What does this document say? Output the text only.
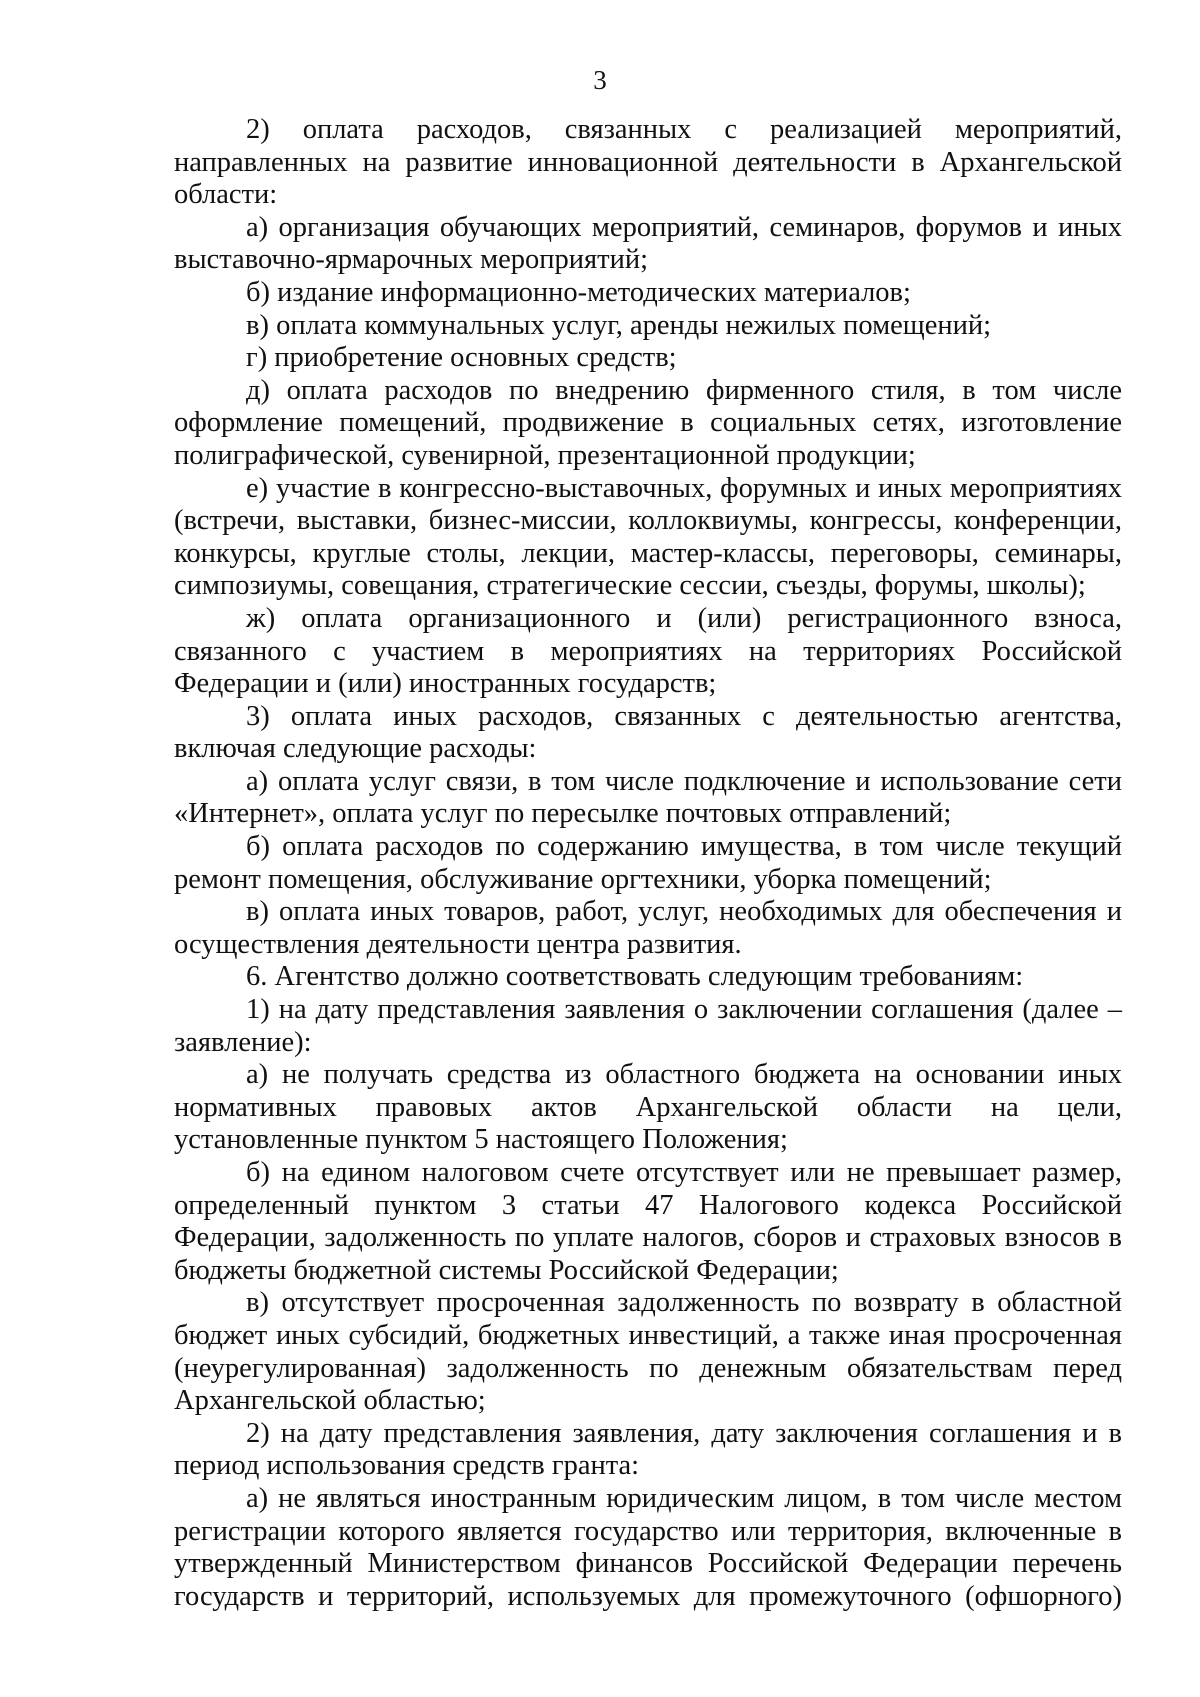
3

2) оплата расходов, связанных с реализацией мероприятий, направленных на развитие инновационной деятельности в Архангельской области:

а) организация обучающих мероприятий, семинаров, форумов и иных выставочно-ярмарочных мероприятий;

б) издание информационно-методических материалов;

в) оплата коммунальных услуг, аренды нежилых помещений;

г) приобретение основных средств;

д) оплата расходов по внедрению фирменного стиля, в том числе оформление помещений, продвижение в социальных сетях, изготовление полиграфической, сувенирной, презентационной продукции;

е) участие в конгрессно-выставочных, форумных и иных мероприятиях (встречи, выставки, бизнес-миссии, коллоквиумы, конгрессы, конференции, конкурсы, круглые столы, лекции, мастер-классы, переговоры, семинары, симпозиумы, совещания, стратегические сессии, съезды, форумы, школы);

ж) оплата организационного и (или) регистрационного взноса, связанного с участием в мероприятиях на территориях Российской Федерации и (или) иностранных государств;

3) оплата иных расходов, связанных с деятельностью агентства, включая следующие расходы:

а) оплата услуг связи, в том числе подключение и использование сети «Интернет», оплата услуг по пересылке почтовых отправлений;

б) оплата расходов по содержанию имущества, в том числе текущий ремонт помещения, обслуживание оргтехники, уборка помещений;

в) оплата иных товаров, работ, услуг, необходимых для обеспечения и осуществления деятельности центра развития.

6. Агентство должно соответствовать следующим требованиям:

1) на дату представления заявления о заключении соглашения (далее – заявление):

а) не получать средства из областного бюджета на основании иных нормативных правовых актов Архангельской области на цели, установленные пунктом 5 настоящего Положения;

б) на едином налоговом счете отсутствует или не превышает размер, определенный пунктом 3 статьи 47 Налогового кодекса Российской Федерации, задолженность по уплате налогов, сборов и страховых взносов в бюджеты бюджетной системы Российской Федерации;

в) отсутствует просроченная задолженность по возврату в областной бюджет иных субсидий, бюджетных инвестиций, а также иная просроченная (неурегулированная) задолженность по денежным обязательствам перед Архангельской областью;

2) на дату представления заявления, дату заключения соглашения и в период использования средств гранта:

а) не являться иностранным юридическим лицом, в том числе местом регистрации которого является государство или территория, включенные в утвержденный Министерством финансов Российской Федерации перечень государств и территорий, используемых для промежуточного (офшорного)
